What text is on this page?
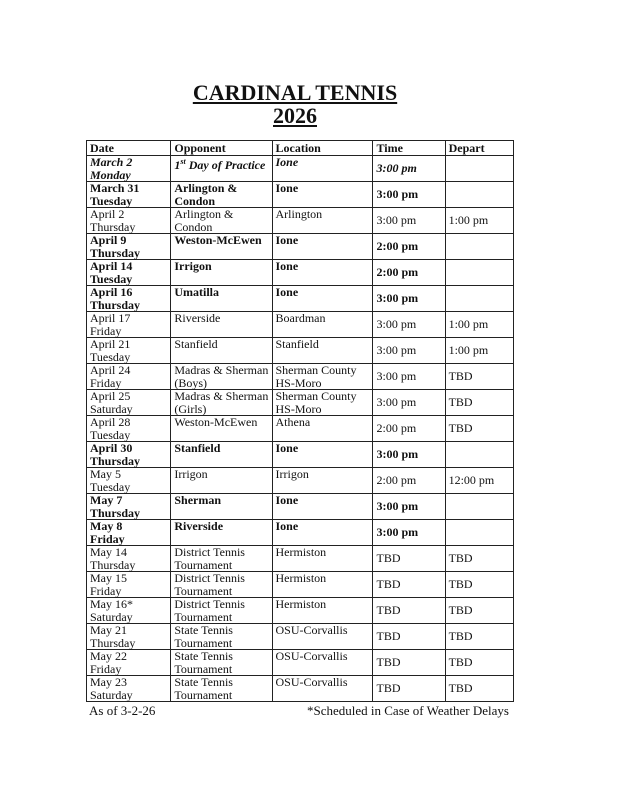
CARDINAL TENNIS
2026
Date	Opponent	Location	Time	Depart
March 2
Monday	1st Day of Practice	Ione	3:00 pm	

March 31
Tuesday	Arlington &
Condon	Ione	3:00 pm	

April 2
Thursday	Arlington &
Condon	Arlington	3:00 pm	1:00 pm

April 9
Thursday	Weston-McEwen	Ione	2:00 pm	

April 14
Tuesday	Irrigon	Ione	2:00 pm	

April 16
Thursday	Umatilla	Ione	3:00 pm	

April 17
Friday	Riverside	Boardman	3:00 pm	1:00 pm

April 21
Tuesday	Stanfield	Stanfield	3:00 pm	1:00 pm

April 24
Friday	Madras & Sherman
(Boys)	Sherman County
HS-Moro	3:00 pm	TBD

April 25
Saturday	Madras & Sherman
(Girls)	Sherman County
HS-Moro	3:00 pm	TBD

April 28
Tuesday	Weston-McEwen	Athena	2:00 pm	TBD

April 30
Thursday	Stanfield	Ione	3:00 pm	

May 5
Tuesday	Irrigon	Irrigon	2:00 pm	12:00 pm

May 7
Thursday	Sherman	Ione	3:00 pm	

May 8
Friday	Riverside	Ione	3:00 pm	

May 14
Thursday	District Tennis
Tournament	Hermiston	TBD	TBD

May 15
Friday	District Tennis
Tournament	Hermiston	TBD	TBD

May 16*
Saturday	District Tennis
Tournament	Hermiston	TBD	TBD

May 21
Thursday	State Tennis
Tournament	OSU-Corvallis	TBD	TBD

May 22
Friday	State Tennis
Tournament	OSU-Corvallis	TBD	TBD

May 23
Saturday	State Tennis
Tournament	OSU-Corvallis	TBD	TBD
As of 3-2-26	*Scheduled in Case of Weather Delays
